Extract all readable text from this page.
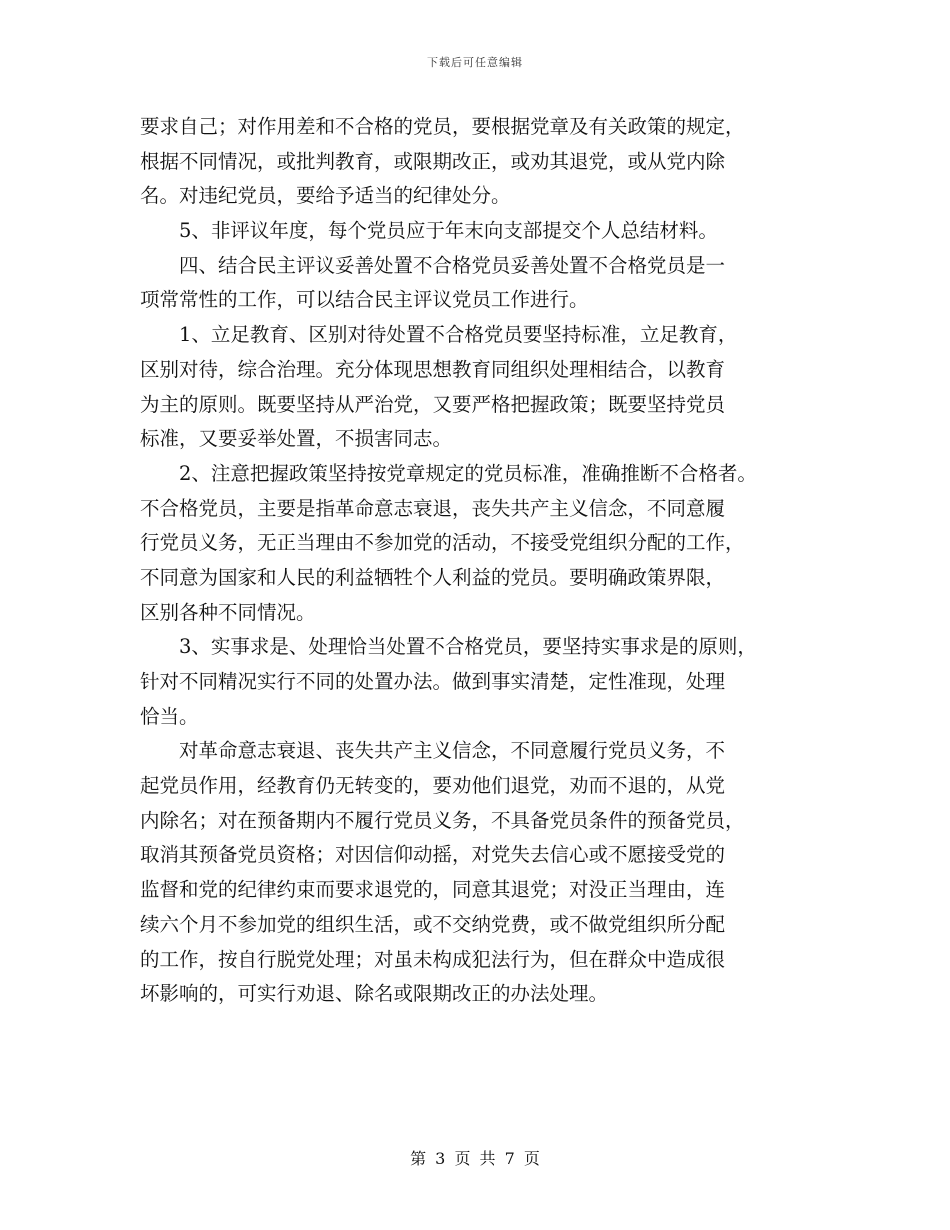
下载后可任意编辑
要求自己；对作用差和不合格的党员，要根据党章及有关政策的规定，
根据不同情况，或批判教育，或限期改正，或劝其退党，或从党内除
名。对违纪党员，要给予适当的纪律处分。
5、非评议年度，每个党员应于年末向支部提交个人总结材料。
四、结合民主评议妥善处置不合格党员妥善处置不合格党员是一
项常常性的工作，可以结合民主评议党员工作进行。
1、立足教育、区别对待处置不合格党员要坚持标准，立足教育，
区别对待，综合治理。充分体现思想教育同组织处理相结合，以教育
为主的原则。既要坚持从严治党，又要严格把握政策；既要坚持党员
标准，又要妥举处置，不损害同志。
2、注意把握政策坚持按党章规定的党员标准，准确推断不合格者。
不合格党员，主要是指革命意志衰退，丧失共产主义信念，不同意履
行党员义务，无正当理由不参加党的活动，不接受党组织分配的工作，
不同意为国家和人民的利益牺牲个人利益的党员。要明确政策界限，
区别各种不同情况。
3、实事求是、处理恰当处置不合格党员，要坚持实事求是的原则，
针对不同精况实行不同的处置办法。做到事实清楚，定性准现，处理
恰当。
对革命意志衰退、丧失共产主义信念，不同意履行党员义务，不
起党员作用，经教育仍无转变的，要劝他们退党，劝而不退的，从党
内除名；对在预备期内不履行党员义务，不具备党员条件的预备党员，
取消其预备党员资格；对因信仰动摇，对党失去信心或不愿接受党的
监督和党的纪律约束而要求退党的，同意其退党；对没正当理由，连
续六个月不参加党的组织生活，或不交纳党费，或不做党组织所分配
的工作，按自行脱党处理；对虽未构成犯法行为，但在群众中造成很
坏影响的，可实行劝退、除名或限期改正的办法处理。
第 3 页 共 7 页
